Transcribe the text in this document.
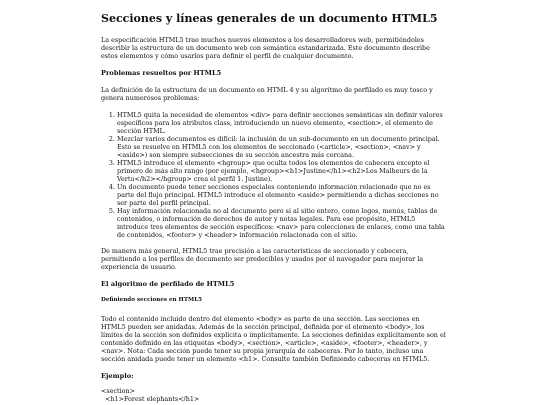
Secciones y líneas generales de un documento HTML5

La especificación HTML5 trae muchos nuevos elementos a los desarrolladores web, permitiéndoles describir la estructura de un documento web con semántica estandarizada. Este documento describe estos elementos y cómo usarlos para definir el perfil de cualquier documento.

Problemas resueltos por HTML5

La definición de la estructura de un documento en HTML 4 y su algoritmo de perfilado es muy tosco y genera numerosos problemas:

1. HTML5 quita la necesidad de elementos <div> para definir secciones semánticas sin definir valores específicos para los atributos class, introduciendo un nuevo elemento, <section>, el elemento de sección HTML.
2. Mezclar varios documentos es difícil: la inclusión de un sub-documento en un documento principal. Esto se resuelve en HTML5 con los elementos de seccionado (<article>, <section>, <nav> y <aside>) son siempre subsecciones de su sección ancestra más cercana.
3. HTML5 introduce el elemento <hgroup> que oculta todos los elementos de cabecera excepto el primero de más alto rango (por ejemplo, <hgroup><h1>Justine</h1><h2>Les Malheurs de la Vertu</h2></hgroup> crea el perfil 1. Justine).
4. Un documento puede tener secciones especiales conteniendo información relacionado que no es parte del flujo principal. HTML5 introduce el elemento <aside> permitiendo a dichas secciones no ser parte del perfil principal.
5. Hay información relacionada no al documento pero si al sitio entero, como logos, menús, tablas de contenidos, o información de derechos de autor y notas legales. Para ese propósito, HTML5 introduce tres elementos de sección específicos: <nav> para colecciones de enlaces, como una tabla de contenidos, <footer> y <header> información relacionada con el sitio.

De manera más general, HTML5 trae precisión a las características de seccionado y cabecera, permitiendo a los perfiles de documento ser predecibles y usados por el navegador para mejorar la experiencia de usuario.

El algoritmo de perfilado de HTML5
Definiendo secciones en HTML5

Todo el contenido incluido dentro del elemento <body> es parte de una sección. Las secciones en HTML5 pueden ser anidadas. Además de la sección principal, definida por el elemento <body>, los límites de la sección son definidos explícita o implícitamente. La secciones definidas explícitamente son el contenido definido en las etiquetas <body>, <section>, <article>, <aside>, <footer>, <header>, y <nav>. Nota: Cada sección puede tener su propia jerarquía de cabeceras. Por lo tanto, incluso una sección anidada puede tener un elemento <h1>. Consulte también Definiendo cabeceras en HTML5.

Ejemplo:
<section>
<h1>Forest elephants</h1>
